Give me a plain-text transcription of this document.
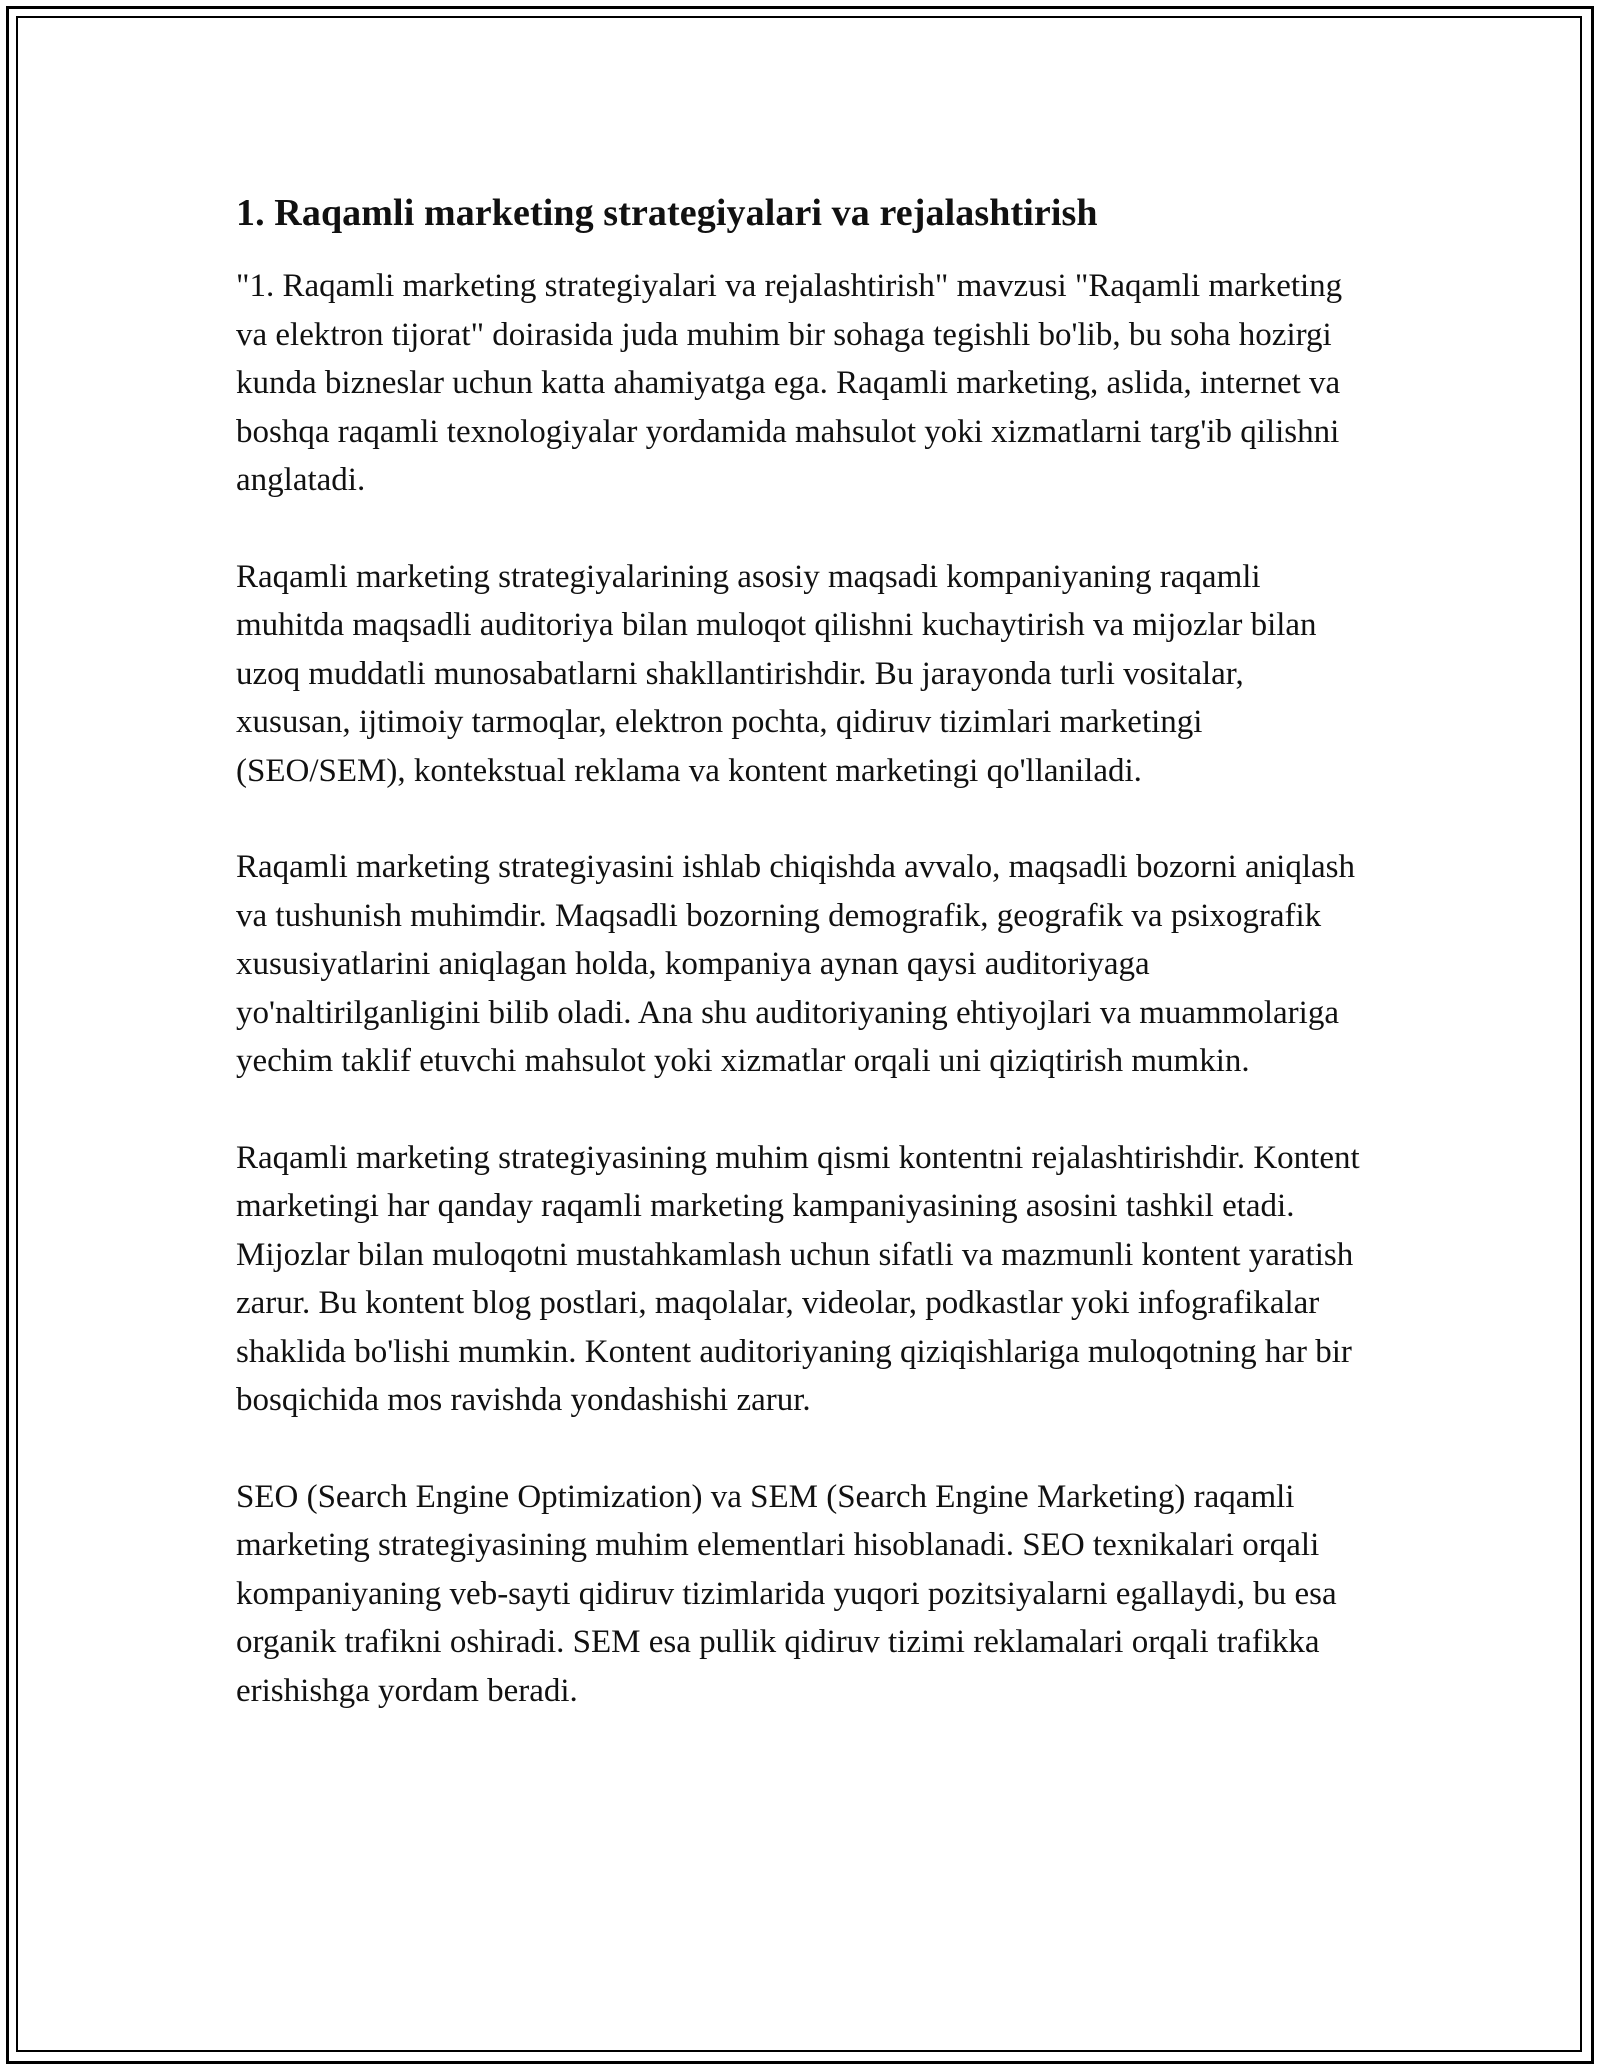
1. Raqamli marketing strategiyalari va rejalashtirish

"1. Raqamli marketing strategiyalari va rejalashtirish" mavzusi "Raqamli marketing va elektron tijorat" doirasida juda muhim bir sohaga tegishli bo'lib, bu soha hozirgi kunda bizneslar uchun katta ahamiyatga ega. Raqamli marketing, aslida, internet va boshqa raqamli texnologiyalar yordamida mahsulot yoki xizmatlarni targ'ib qilishni anglatadi.

Raqamli marketing strategiyalarining asosiy maqsadi kompaniyaning raqamli muhitda maqsadli auditoriya bilan muloqot qilishni kuchaytirish va mijozlar bilan uzoq muddatli munosabatlarni shakllantirishdir. Bu jarayonda turli vositalar, xususan, ijtimoiy tarmoqlar, elektron pochta, qidiruv tizimlari marketingi (SEO/SEM), kontekstual reklama va kontent marketingi qo'llaniladi.

Raqamli marketing strategiyasini ishlab chiqishda avvalo, maqsadli bozorni aniqlash va tushunish muhimdir. Maqsadli bozorning demografik, geografik va psixografik xususiyatlarini aniqlagan holda, kompaniya aynan qaysi auditoriyaga yo'naltirilganligini bilib oladi. Ana shu auditoriyaning ehtiyojlari va muammolariga yechim taklif etuvchi mahsulot yoki xizmatlar orqali uni qiziqtirish mumkin.

Raqamli marketing strategiyasining muhim qismi kontentni rejalashtirishdir. Kontent marketingi har qanday raqamli marketing kampaniyasining asosini tashkil etadi. Mijozlar bilan muloqotni mustahkamlash uchun sifatli va mazmunli kontent yaratish zarur. Bu kontent blog postlari, maqolalar, videolar, podkastlar yoki infografikalar shaklida bo'lishi mumkin. Kontent auditoriyaning qiziqishlariga muloqotning har bir bosqichida mos ravishda yondashishi zarur.

SEO (Search Engine Optimization) va SEM (Search Engine Marketing) raqamli marketing strategiyasining muhim elementlari hisoblanadi. SEO texnikalari orqali kompaniyaning veb-sayti qidiruv tizimlarida yuqori pozitsiyalarni egallaydi, bu esa organik trafikni oshiradi. SEM esa pullik qidiruv tizimi reklamalari orqali trafikka erishishga yordam beradi.
